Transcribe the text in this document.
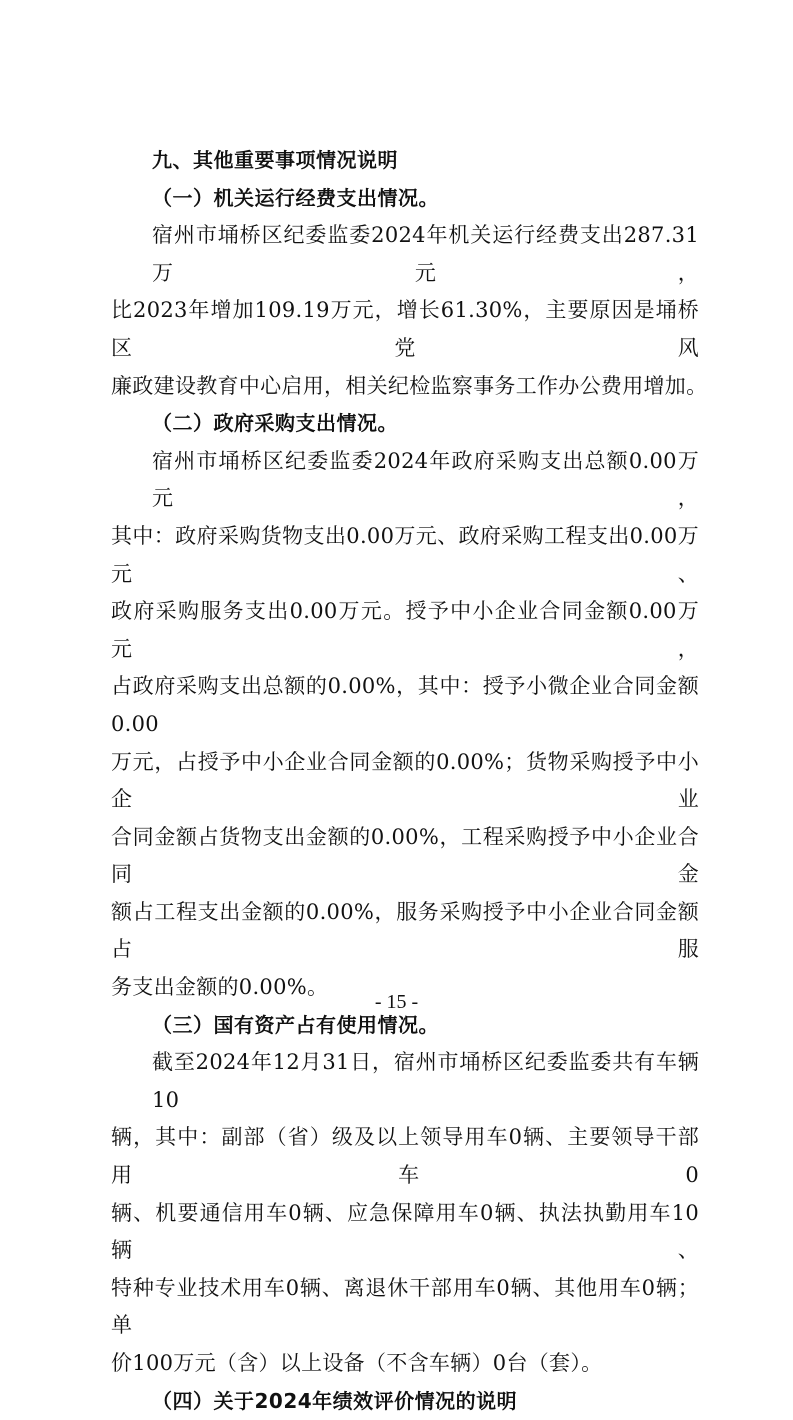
九、其他重要事项情况说明

（一）机关运行经费支出情况。

宿州市埇桥区纪委监委2024年机关运行经费支出287.31万元，

比2023年增加109.19万元，增长61.30%，主要原因是埇桥区党风

廉政建设教育中心启用，相关纪检监察事务工作办公费用增加。

（二）政府采购支出情况。

宿州市埇桥区纪委监委2024年政府采购支出总额0.00万元，

其中：政府采购货物支出0.00万元、政府采购工程支出0.00万元、

政府采购服务支出0.00万元。授予中小企业合同金额0.00万元，

占政府采购支出总额的0.00%，其中：授予小微企业合同金额0.00

万元，占授予中小企业合同金额的0.00%；货物采购授予中小企业

合同金额占货物支出金额的0.00%，工程采购授予中小企业合同金

额占工程支出金额的0.00%，服务采购授予中小企业合同金额占服

务支出金额的0.00%。

（三）国有资产占有使用情况。

截至2024年12月31日，宿州市埇桥区纪委监委共有车辆10

辆，其中：副部（省）级及以上领导用车0辆、主要领导干部用车0

辆、机要通信用车0辆、应急保障用车0辆、执法执勤用车10辆、

特种专业技术用车0辆、离退休干部用车0辆、其他用车0辆；单

价100万元（含）以上设备（不含车辆）0台（套）。

（四）关于2024年绩效评价情况的说明

- 15 -
